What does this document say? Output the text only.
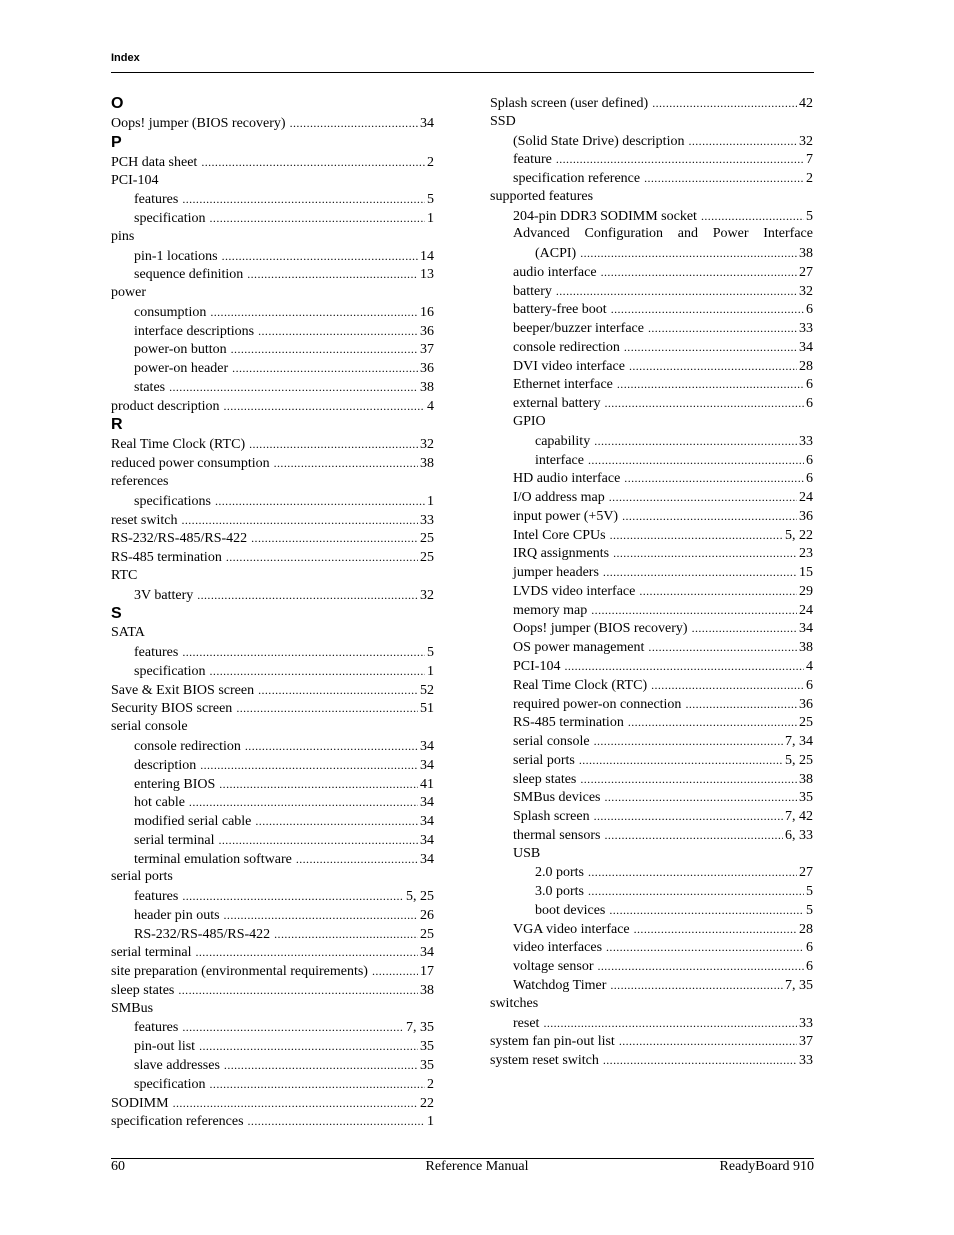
Index
O
Oops! jumper (BIOS recovery) . . .	34
P
PCH data sheet . . .	2
PCI-104
features . . .	5
specification . . .	1
pins
pin-1 locations . . .	14
sequence definition . . .	13
power
consumption . . .	16
interface descriptions . . .	36
power-on button . . .	37
power-on header . . .	36
states . . .	38
product description . . .	4
R
Real Time Clock (RTC) . . .	32
reduced power consumption . . .	38
references
specifications . . .	1
reset switch . . .	33
RS-232/RS-485/RS-422 . . .	25
RS-485 termination . . .	25
RTC
3V battery . . .	32
S
SATA
features . . .	5
specification . . .	1
Save & Exit BIOS screen . . .	52
Security BIOS screen . . .	51
serial console
console redirection . . .	34
description . . .	34
entering BIOS . . .	41
hot cable . . .	34
modified serial cable . . .	34
serial terminal . . .	34
terminal emulation software . . .	34
serial ports
features . . .	5, 25
header pin outs . . .	26
RS-232/RS-485/RS-422 . . .	25
serial terminal . . .	34
site preparation (environmental requirements) . . .	17
sleep states . . .	38
SMBus
features . . .	7, 35
pin-out list . . .	35
slave addresses . . .	35
specification . . .	2
SODIMM . . .	22
specification references . . .	1
Splash screen (user defined) . . .	42
SSD
(Solid State Drive) description . . .	32
feature . . .	7
specification reference . . .	2
supported features
204-pin DDR3 SODIMM socket . . .	5
Advanced Configuration and Power Interface
(ACPI) . . .	38
audio interface . . .	27
battery . . .	32
battery-free boot . . .	6
beeper/buzzer interface . . .	33
console redirection . . .	34
DVI video interface . . .	28
Ethernet interface . . .	6
external battery . . .	6
GPIO
capability . . .	33
interface . . .	6
HD audio interface . . .	6
I/O address map . . .	24
input power (+5V) . . .	36
Intel Core CPUs . . .	5, 22
IRQ assignments . . .	23
jumper headers . . .	15
LVDS video interface . . .	29
memory map . . .	24
Oops! jumper (BIOS recovery) . . .	34
OS power management . . .	38
PCI-104 . . .	4
Real Time Clock (RTC) . . .	6
required power-on connection . . .	36
RS-485 termination . . .	25
serial console . . .	7, 34
serial ports . . .	5, 25
sleep states . . .	38
SMBus devices . . .	35
Splash screen . . .	7, 42
thermal sensors . . .	6, 33
USB
2.0 ports . . .	27
3.0 ports . . .	5
boot devices . . .	5
VGA video interface . . .	28
video interfaces . . .	6
voltage sensor . . .	6
Watchdog Timer . . .	7, 35
switches
reset . . .	33
system fan pin-out list . . .	37
system reset switch . . .	33
60	Reference Manual	ReadyBoard 910
